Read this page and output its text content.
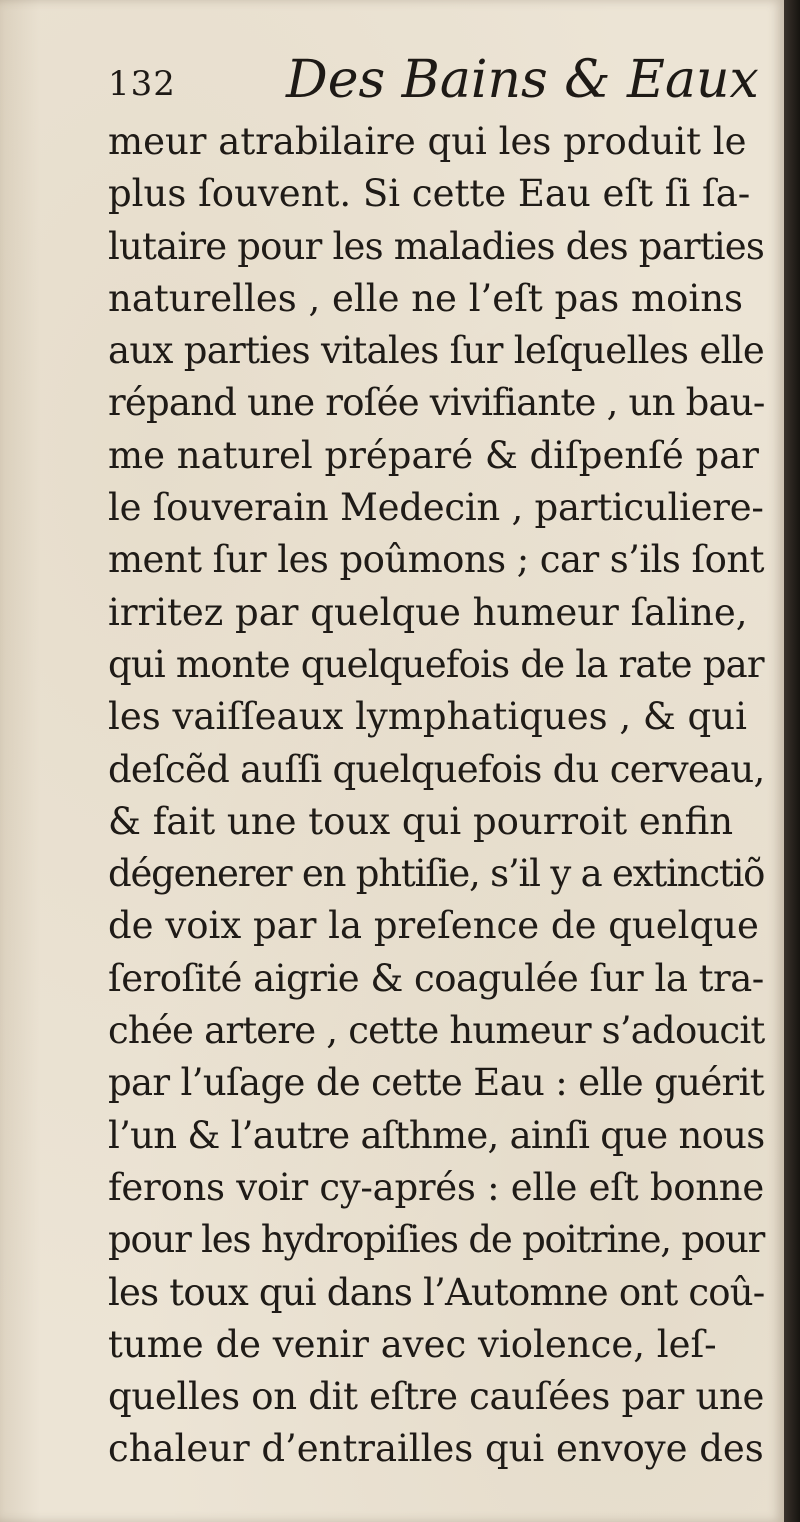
132 Des Bains & Eaux
meur atrabilaire qui les produit le
plus ſouvent. Si cette Eau eſt ſi ſa-
lutaire pour les maladies des parties
naturelles , elle ne l’eſt pas moins
aux parties vitales ſur leſquelles elle
répand une roſée vivifiante , un bau-
me naturel préparé & diſpenſé par
le ſouverain Medecin , particuliere-
ment ſur les poûmons ; car s’ils ſont
irritez par quelque humeur ſaline,
qui monte quelquefois de la rate par
les vaiſſeaux lymphatiques , & qui
deſcẽd auſſi quelquefois du cerveau,
& fait une toux qui pourroit enfin
dégenerer en phtiſie, s’il y a extinctiõ
de voix par la preſence de quelque
ſeroſité aigrie & coagulée ſur la tra-
chée artere , cette humeur s’adoucit
par l’uſage de cette Eau : elle guérit
l’un & l’autre aſthme, ainſi que nous
ferons voir cy-aprés : elle eſt bonne
pour les hydropiſies de poitrine, pour
les toux qui dans l’Automne ont coû-
tume de venir avec violence, leſ-
quelles on dit eſtre cauſées par une
chaleur d’entrailles qui envoye des
